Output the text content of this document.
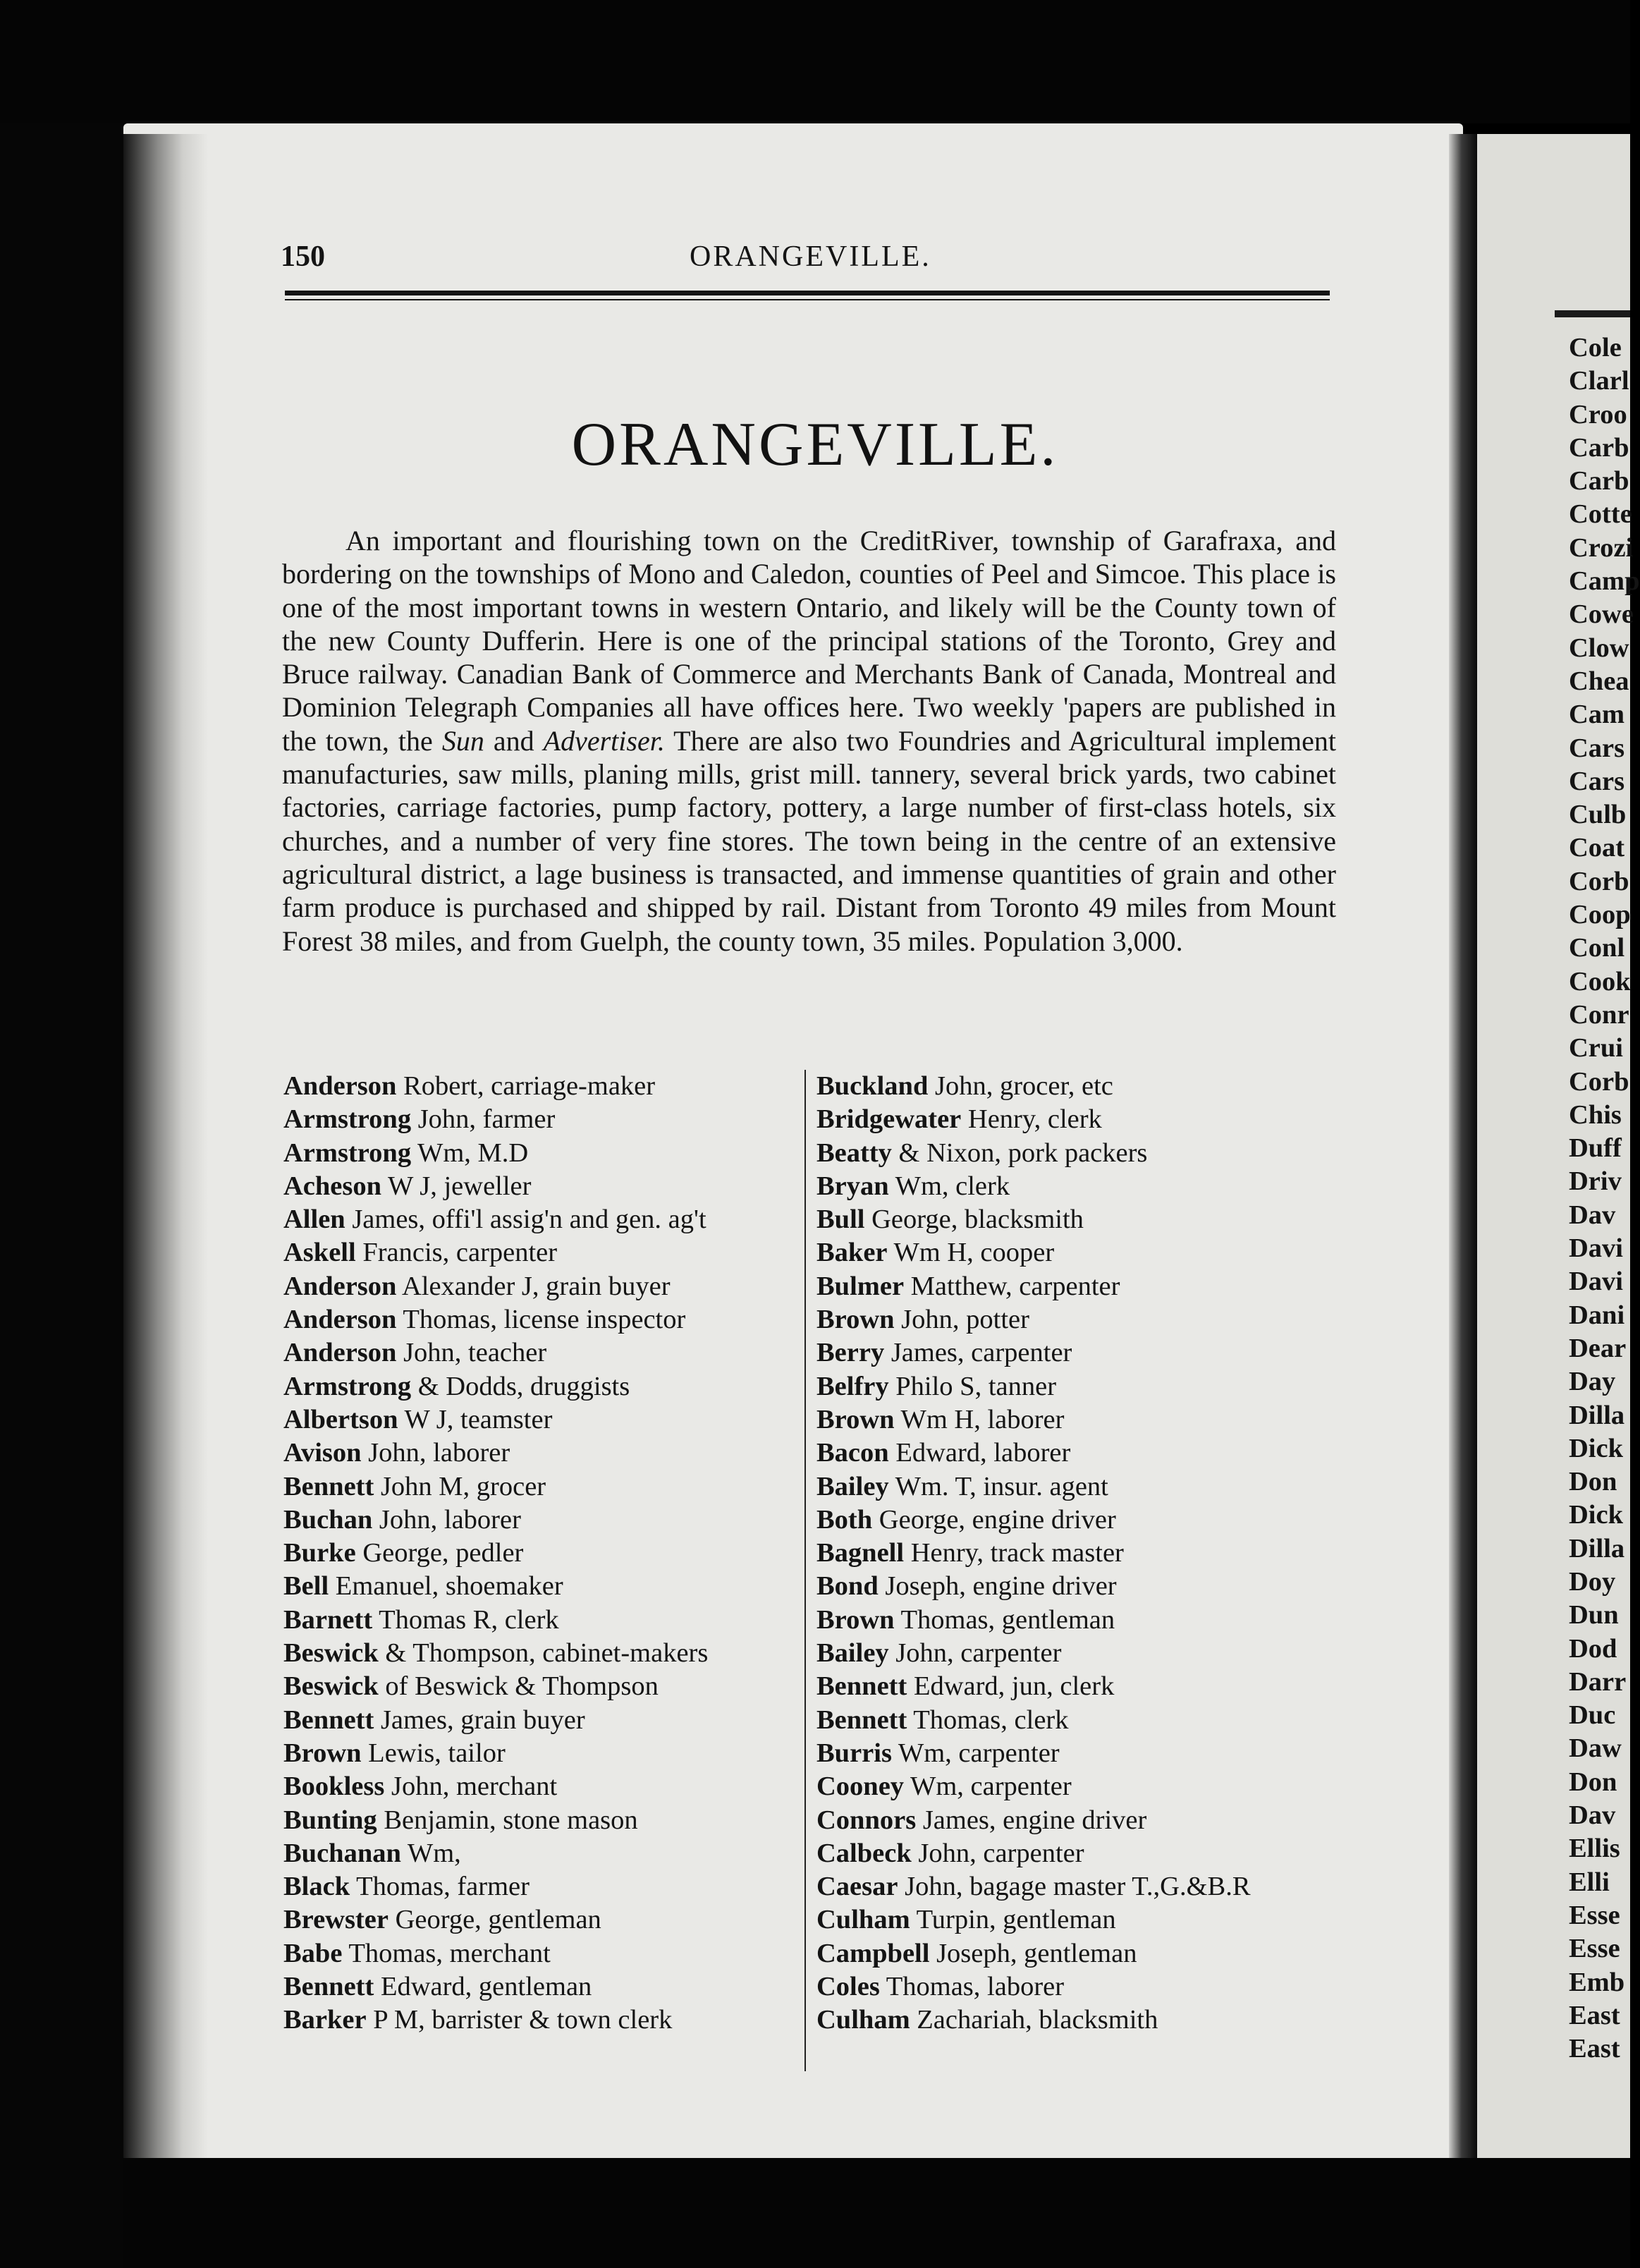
150	ORANGEVILLE.
ORANGEVILLE.

An important and flourishing town on the CreditRiver, township of Garafraxa, and bordering on the townships of Mono and Caledon, counties of Peel and Simcoe. This place is one of the most important towns in western Ontario, and likely will be the County town of the new County Dufferin. Here is one of the principal stations of the Toronto, Grey and Bruce railway. Canadian Bank of Commerce and Merchants Bank of Canada, Montreal and Dominion Telegraph Companies all have offices here. Two weekly 'papers are published in the town, the Sun and Advertiser. There are also two Foundries and Agricultural implement manufacturies, saw mills, planing mills, grist mill. tannery, several brick yards, two cabinet factories, carriage factories, pump factory, pottery, a large number of first-class hotels, six churches, and a number of very fine stores. The town being in the centre of an extensive agricultural district, a lage business is transacted, and immense quantities of grain and other farm produce is purchased and shipped by rail. Distant from Toronto 49 miles from Mount Forest 38 miles, and from Guelph, the county town, 35 miles. Population 3,000.

Anderson Robert, carriage-maker
Armstrong John, farmer
Armstrong Wm, M.D
Acheson W J, jeweller
Allen James, offi'l assig'n and gen. ag't
Askell Francis, carpenter
Anderson Alexander J, grain buyer
Anderson Thomas, license inspector
Anderson John, teacher
Armstrong & Dodds, druggists
Albertson W J, teamster
Avison John, laborer
Bennett John M, grocer
Buchan John, laborer
Burke George, pedler
Bell Emanuel, shoemaker
Barnett Thomas R, clerk
Beswick & Thompson, cabinet-makers
Beswick of Beswick & Thompson
Bennett James, grain buyer
Brown Lewis, tailor
Bookless John, merchant
Bunting Benjamin, stone mason
Buchanan Wm,
Black Thomas, farmer
Brewster George, gentleman
Babe Thomas, merchant
Bennett Edward, gentleman
Barker P M, barrister & town clerk
Buckland John, grocer, etc
Bridgewater Henry, clerk
Beatty & Nixon, pork packers
Bryan Wm, clerk
Bull George, blacksmith
Baker Wm H, cooper
Bulmer Matthew, carpenter
Brown John, potter
Berry James, carpenter
Belfry Philo S, tanner
Brown Wm H, laborer
Bacon Edward, laborer
Bailey Wm. T, insur. agent
Both George, engine driver
Bagnell Henry, track master
Bond Joseph, engine driver
Brown Thomas, gentleman
Bailey John, carpenter
Bennett Edward, jun, clerk
Bennett Thomas, clerk
Burris Wm, carpenter
Cooney Wm, carpenter
Connors James, engine driver
Calbeck John, carpenter
Caesar John, bagage master T.,G.&B.R
Culham Turpin, gentleman
Campbell Joseph, gentleman
Coles Thomas, laborer
Culham Zachariah, blacksmith
Cole
Clarl
Croo
Carb
Carb
Cotte
Crozi
Camp
Cowe
Clow
Chea
Cam
Cars
Cars
Culb
Coat
Corb
Coop
Conl
Cook
Conr
Crui
Corb
Chis
Duff
Driv
Dav
Davi
Davi
Dani
Dear
Day
Dilla
Dick
Don
Dick
Dilla
Doy
Dun
Dod
Darr
Duc
Daw
Don
Dav
Ellis
Elli
Esse
Esse
Emb
East
East
